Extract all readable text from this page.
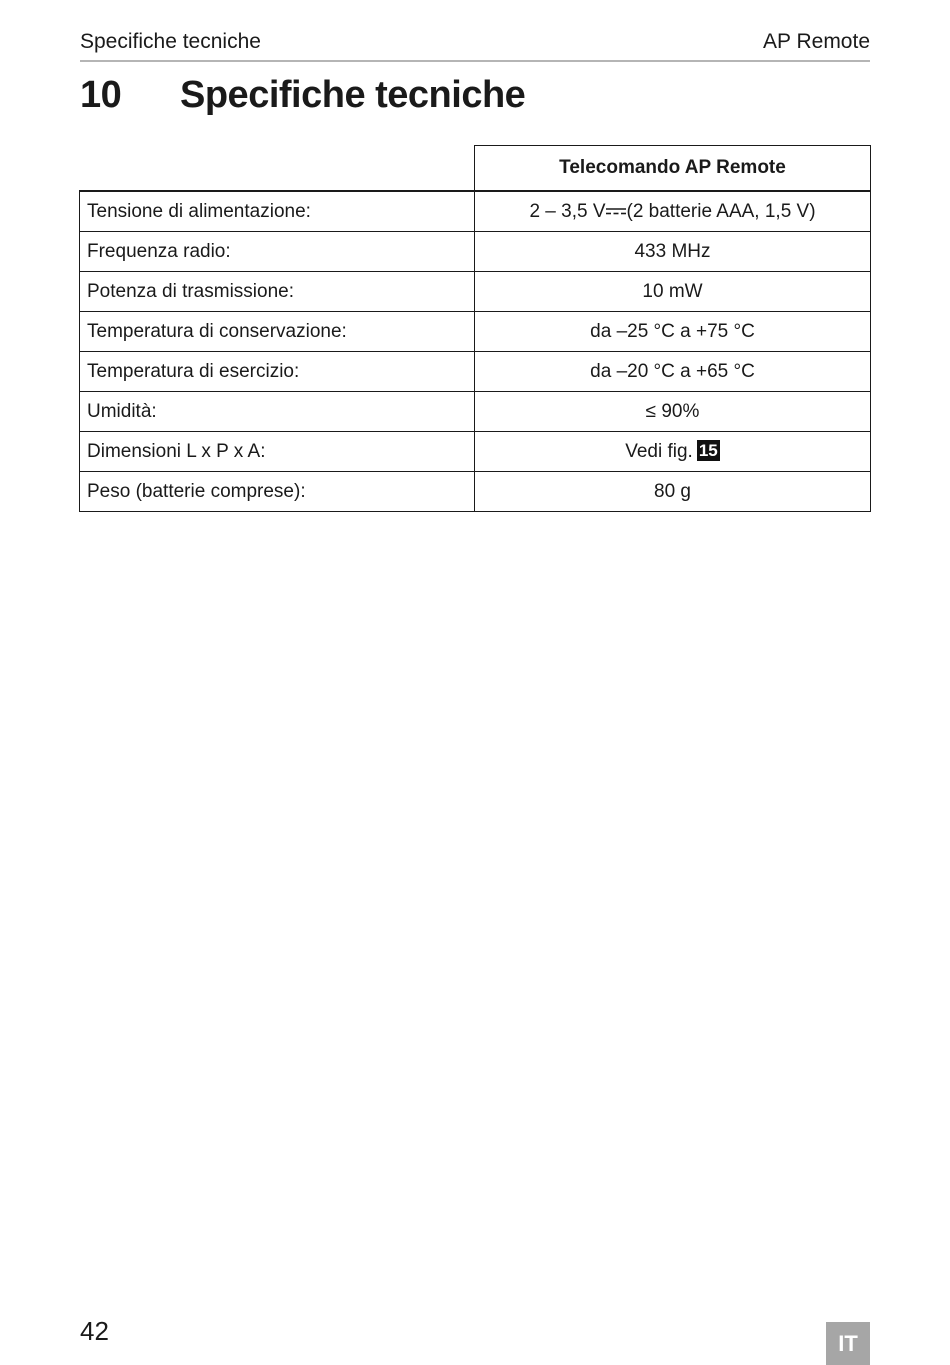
Specifiche tecniche	AP Remote
10 Specifiche tecniche
	Telecomando AP Remote
Tensione di alimentazione:	2 – 3,5 V (2 batterie AAA, 1,5 V)
Frequenza radio:	433 MHz
Potenza di trasmissione:	10 mW
Temperatura di conservazione:	da –25 °C a +75 °C
Temperatura di esercizio:	da –20 °C a +65 °C
Umidità:	≤ 90%
Dimensioni L x P x A:	Vedi fig. 15
Peso (batterie comprese):	80 g
42	IT
